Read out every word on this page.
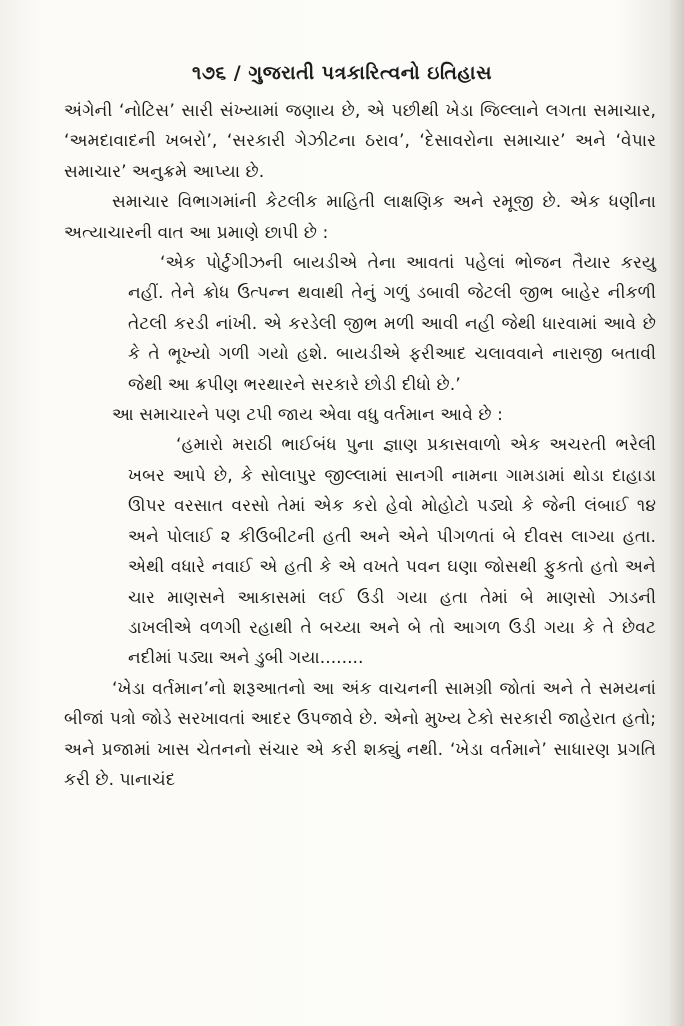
૧૭૬ / ગુજરાતી પત્રકારિત્વનો ઇતિહાસ

અંગેની ‘નોટિસ’ સારી સંખ્યામાં જણાય છે, એ પછીથી ખેડા જિલ્લાને લગતા સમાચાર, ‘અમદાવાદની ખબરો’, ‘સરકારી ગેઝીટના ઠરાવ’, ‘દેસાવરોના સમાચાર’ અને ‘વેપાર સમાચાર’ અનુક્રમે આપ્યા છે.

સમાચાર વિભાગમાંની કેટલીક માહિતી લાક્ષણિક અને રમૂજી છે. એક ધણીના અત્યાચારની વાત આ પ્રમાણે છાપી છે :

‘એક પોર્ટુગીઝની બાયડીએ તેના આવતાં પહેલાં ભોજન તૈયાર કરયુ નહીં. તેને ક્રોધ ઉત્પન્ન થવાથી તેનું ગળું ડબાવી જેટલી જીભ બાહેર નીકળી તેટલી કરડી નાંખી. એ કરડેલી જીભ મળી આવી નહી જેથી ધારવામાં આવે છે કે તે ભૂખ્યો ગળી ગયો હશે. બાયડીએ ફરીઆદ ચલાવવાને નારાજી બતાવી જેથી આ ક્રપીણ ભરથારને સરકારે છોડી દીધો છે.’

આ સમાચારને પણ ટપી જાય એવા વધુ વર્તમાન આવે છે :

‘હમારો મરાઠી ભાઈબંધ પુના જ્ઞાણ પ્રકાસવાળો એક અચરતી ભરેલી ખબર આપે છે, કે સોલાપુર જીલ્લામાં સાનગી નામના ગામડામાં થોડા દાહાડા ઊપર વરસાત વરસો તેમાં એક કરો હેવો મોહોટો પડ્યો કે જેની લંબાઈ ૧૪ અને પોલાઈ ૨ કીઉબીટની હતી અને એને પીગળતાં બે દીવસ લાગ્યા હતા. એથી વધારે નવાઈ એ હતી કે એ વખતે પવન ઘણા જોસથી ફુકતો હતો અને ચાર માણસને આકાસમાં લઈ ઉડી ગયા હતા તેમાં બે માણસો ઝાડની ડાખલીએ વળગી રહાથી તે બચ્યા અને બે તો આગળ ઉડી ગયા કે તે છેવટ નદીમાં પડ્યા અને ડુબી ગયા........

‘ખેડા વર્તમાન’નો શરૂઆતનો આ અંક વાચનની સામગ્રી જોતાં અને તે સમયનાં બીજાં પત્રો જોડે સરખાવતાં આદર ઉપજાવે છે. એનો મુખ્ય ટેકો સરકારી જાહેરાત હતો; અને પ્રજામાં ખાસ ચેતનનો સંચાર એ કરી શક્યું નથી. ‘ખેડા વર્તમાને’ સાધારણ પ્રગતિ કરી છે. પાનાચંદ
